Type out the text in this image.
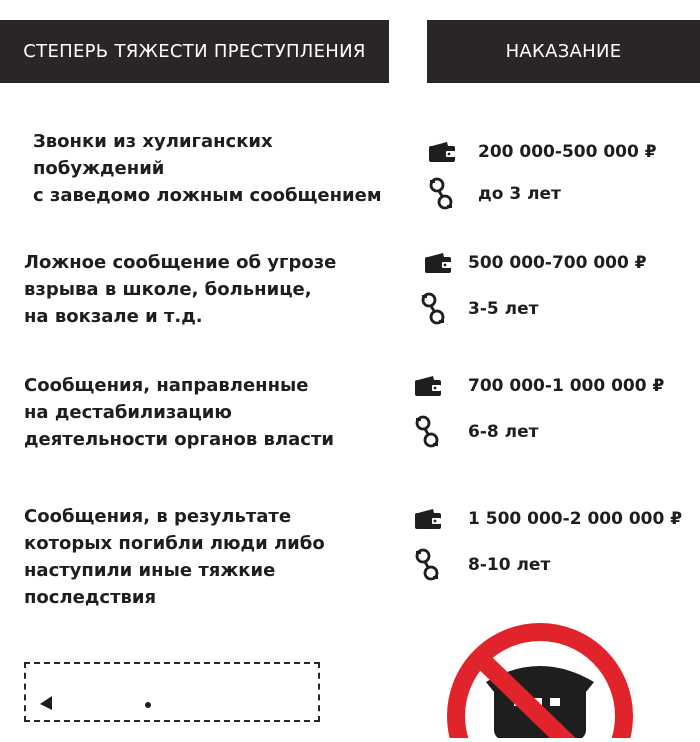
СТЕПЕРЬ ТЯЖЕСТИ ПРЕСТУПЛЕНИЯ	НАКАЗАНИЕ
Звонки из хулиганских
побуждений
с заведомо ложным сообщением
200 000-500 000 ₽
до 3 лет
Ложное сообщение об угрозе
взрыва в школе, больнице,
на вокзале и т.д.
500 000-700 000 ₽
3-5 лет
Сообщения, направленные
на дестабилизацию
деятельности органов власти
700 000-1 000 000 ₽
6-8 лет
Сообщения, в результате
которых погибли люди либо
наступили иные тяжкие
последствия
1 500 000-2 000 000 ₽
8-10 лет
